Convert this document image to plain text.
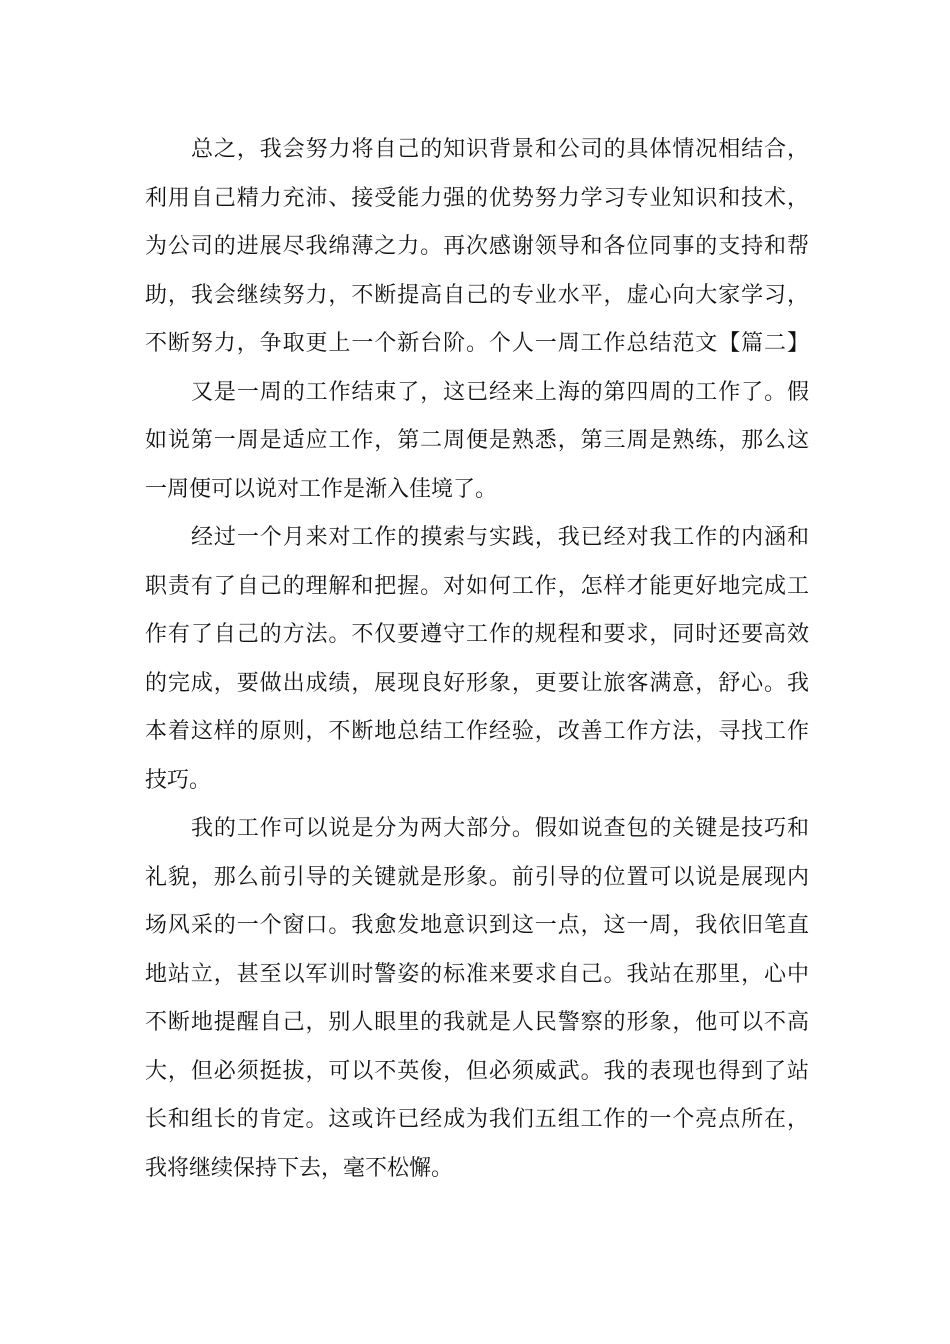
总之，我会努力将自己的知识背景和公司的具体情况相结合，
利用自己精力充沛、接受能力强的优势努力学习专业知识和技术，
为公司的进展尽我绵薄之力。再次感谢领导和各位同事的支持和帮
助，我会继续努力，不断提高自己的专业水平，虚心向大家学习，
不断努力，争取更上一个新台阶。个人一周工作总结范文【篇二】
又是一周的工作结束了，这已经来上海的第四周的工作了。假
如说第一周是适应工作，第二周便是熟悉，第三周是熟练，那么这
一周便可以说对工作是渐入佳境了。
经过一个月来对工作的摸索与实践，我已经对我工作的内涵和
职责有了自己的理解和把握。对如何工作，怎样才能更好地完成工
作有了自己的方法。不仅要遵守工作的规程和要求，同时还要高效
的完成，要做出成绩，展现良好形象，更要让旅客满意，舒心。我
本着这样的原则，不断地总结工作经验，改善工作方法，寻找工作
技巧。
我的工作可以说是分为两大部分。假如说查包的关键是技巧和
礼貌，那么前引导的关键就是形象。前引导的位置可以说是展现内
场风采的一个窗口。我愈发地意识到这一点，这一周，我依旧笔直
地站立，甚至以军训时警姿的标准来要求自己。我站在那里，心中
不断地提醒自己，别人眼里的我就是人民警察的形象，他可以不高
大，但必须挺拔，可以不英俊，但必须威武。我的表现也得到了站
长和组长的肯定。这或许已经成为我们五组工作的一个亮点所在，
我将继续保持下去，毫不松懈。
